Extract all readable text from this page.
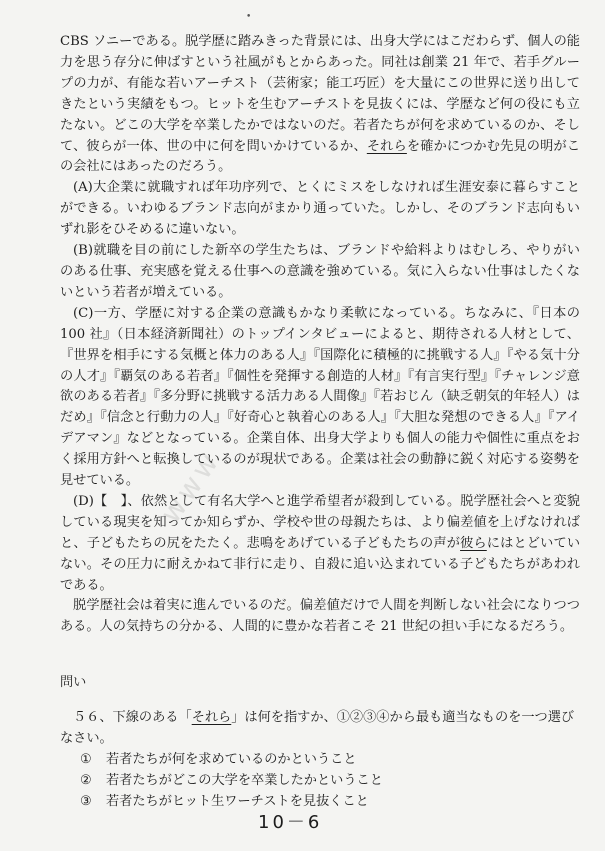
•
www

CBS ソニーである。脱学歴に踏みきった背景には、出身大学にはこだわらず、個人の能力を思う存分に伸ばすという社風がもとからあった。同社は創業 21 年で、若手グループの力が、有能な若いアーチスト（芸術家；能工巧匠）を大量にこの世界に送り出してきたという実績をもつ。ヒットを生むアーチストを見抜くには、学歴など何の役にも立たない。どこの大学を卒業したかではないのだ。若者たちが何を求めているのか、そして、彼らが一体、世の中に何を問いかけているか、それらを確かにつかむ先見の明がこの会社にはあったのだろう。

(A)大企業に就職すれば年功序列で、とくにミスをしなければ生涯安泰に暮らすことができる。いわゆるブランド志向がまかり通っていた。しかし、そのブランド志向もいずれ影をひそめるに違いない。

(B)就職を目の前にした新卒の学生たちは、ブランドや給料よりはむしろ、やりがいのある仕事、充実感を覚える仕事への意識を強めている。気に入らない仕事はしたくないという若者が増えている。

(C)一方、学歴に対する企業の意識もかなり柔軟になっている。ちなみに、『日本の 100 社』（日本経済新聞社）のトップインタビューによると、期待される人材として、『世界を相手にする気概と体力のある人』『国際化に積極的に挑戦する人』『やる気十分の人才』『覇気のある若者』『個性を発揮する創造的人材』『有言実行型』『チャレンジ意欲のある若者』『多分野に挑戦する活力ある人間像』『若おじん（缺乏朝気的年轻人）はだめ』『信念と行動力の人』『好奇心と執着心のある人』『大胆な発想のできる人』『アイデアマン』などとなっている。企業自体、出身大学よりも個人の能力や個性に重点をおく採用方針へと転換しているのが現状である。企業は社会の動静に鋭く対応する姿勢を見せている。

(D)【　】、依然として有名大学へと進学希望者が殺到している。脱学歴社会へと変貌している現実を知ってか知らずか、学校や世の母親たちは、より偏差値を上げなければと、子どもたちの尻をたたく。悲鳴をあげている子どもたちの声が彼らにはとどいていない。その圧力に耐えかねて非行に走り、自殺に追い込まれている子どもたちがあわれである。

脱学歴社会は着実に進んでいるのだ。偏差値だけで人間を判断しない社会になりつつある。人の気持ちの分かる、人間的に豊かな若者こそ 21 世紀の担い手になるだろう。

問い

５６、下線のある「それら」は何を指すか、①②③④から最も適当なものを一つ選びなさい。

① 若者たちが何を求めているのかということ
② 若者たちがどこの大学を卒業したかということ
③ 若者たちがヒット生ワーチストを見抜くこと
10－6
